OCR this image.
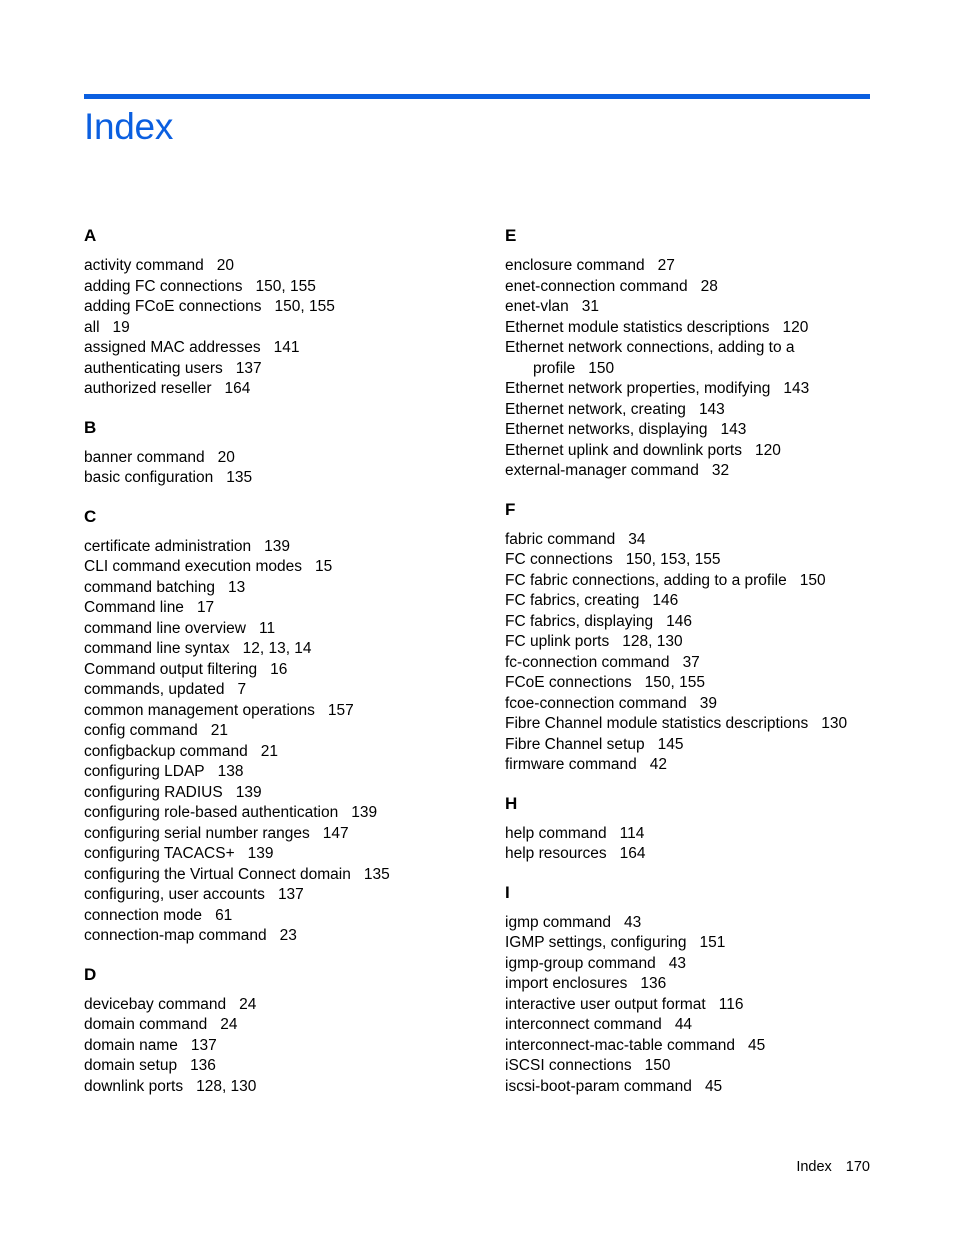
Index
A
activity command 20
adding FC connections 150, 155
adding FCoE connections 150, 155
all 19
assigned MAC addresses 141
authenticating users 137
authorized reseller 164
B
banner command 20
basic configuration 135
C
certificate administration 139
CLI command execution modes 15
command batching 13
Command line 17
command line overview 11
command line syntax 12, 13, 14
Command output filtering 16
commands, updated 7
common management operations 157
config command 21
configbackup command 21
configuring LDAP 138
configuring RADIUS 139
configuring role-based authentication 139
configuring serial number ranges 147
configuring TACACS+ 139
configuring the Virtual Connect domain 135
configuring, user accounts 137
connection mode 61
connection-map command 23
D
devicebay command 24
domain command 24
domain name 137
domain setup 136
downlink ports 128, 130
E
enclosure command 27
enet-connection command 28
enet-vlan 31
Ethernet module statistics descriptions 120
Ethernet network connections, adding to a profile 150
Ethernet network properties, modifying 143
Ethernet network, creating 143
Ethernet networks, displaying 143
Ethernet uplink and downlink ports 120
external-manager command 32
F
fabric command 34
FC connections 150, 153, 155
FC fabric connections, adding to a profile 150
FC fabrics, creating 146
FC fabrics, displaying 146
FC uplink ports 128, 130
fc-connection command 37
FCoE connections 150, 155
fcoe-connection command 39
Fibre Channel module statistics descriptions 130
Fibre Channel setup 145
firmware command 42
H
help command 114
help resources 164
I
igmp command 43
IGMP settings, configuring 151
igmp-group command 43
import enclosures 136
interactive user output format 116
interconnect command 44
interconnect-mac-table command 45
iSCSI connections 150
iscsi-boot-param command 45
Index 170
